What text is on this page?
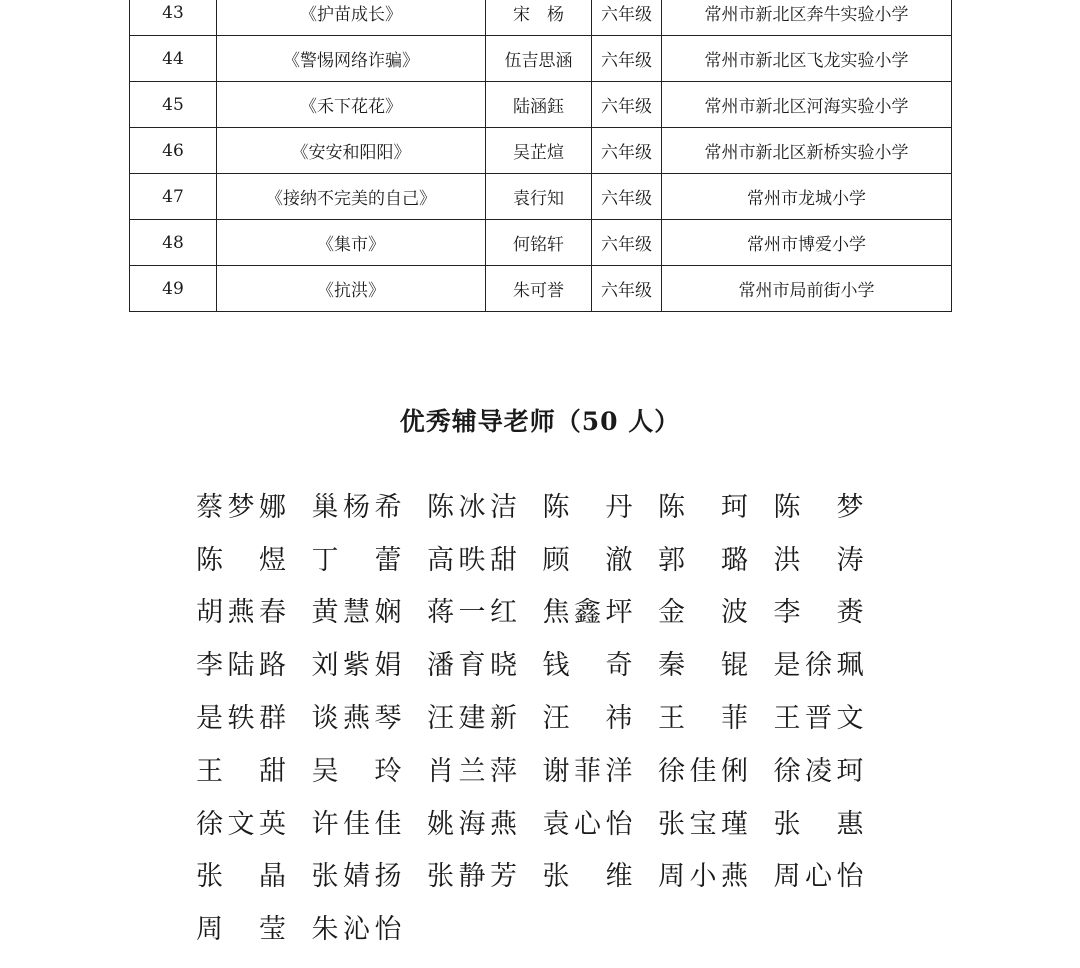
43	《护苗成长》	宋　杨	六年级	常州市新北区奔牛实验小学
44	《警惕网络诈骗》	伍吉思涵	六年级	常州市新北区飞龙实验小学
45	《禾下花花》	陆涵鈺	六年级	常州市新北区河海实验小学
46	《安安和阳阳》	吴芷煊	六年级	常州市新北区新桥实验小学
47	《接纳不完美的自己》	袁行知	六年级	常州市龙城小学
48	《集市》	何铭轩	六年级	常州市博爱小学
49	《抗洪》	朱可誉	六年级	常州市局前街小学
优秀辅导老师（50 人）
蔡 梦 娜 巢 杨 希 陈 冰 洁 陈 丹 陈 珂 陈 梦
陈 煜 丁 蕾 高 昳 甜 顾 澈 郭 璐 洪 涛
胡 燕 春 黄 慧 娴 蒋 一 红 焦 鑫 坪 金 波 李 赉
李 陆 路 刘 紫 娟 潘 育 晓 钱 奇 秦 锟 是 徐 珮
是 轶 群 谈 燕 琴 汪 建 新 汪 祎 王 菲 王 晋 文
王 甜 吴 玲 肖 兰 萍 谢 菲 洋 徐 佳 俐 徐 凌 珂
徐 文 英 许 佳 佳 姚 海 燕 袁 心 怡 张 宝 瑾 张 惠
张 晶 张 婧 扬 张 静 芳 张 维 周 小 燕 周 心 怡
周 莹 朱 沁 怡
